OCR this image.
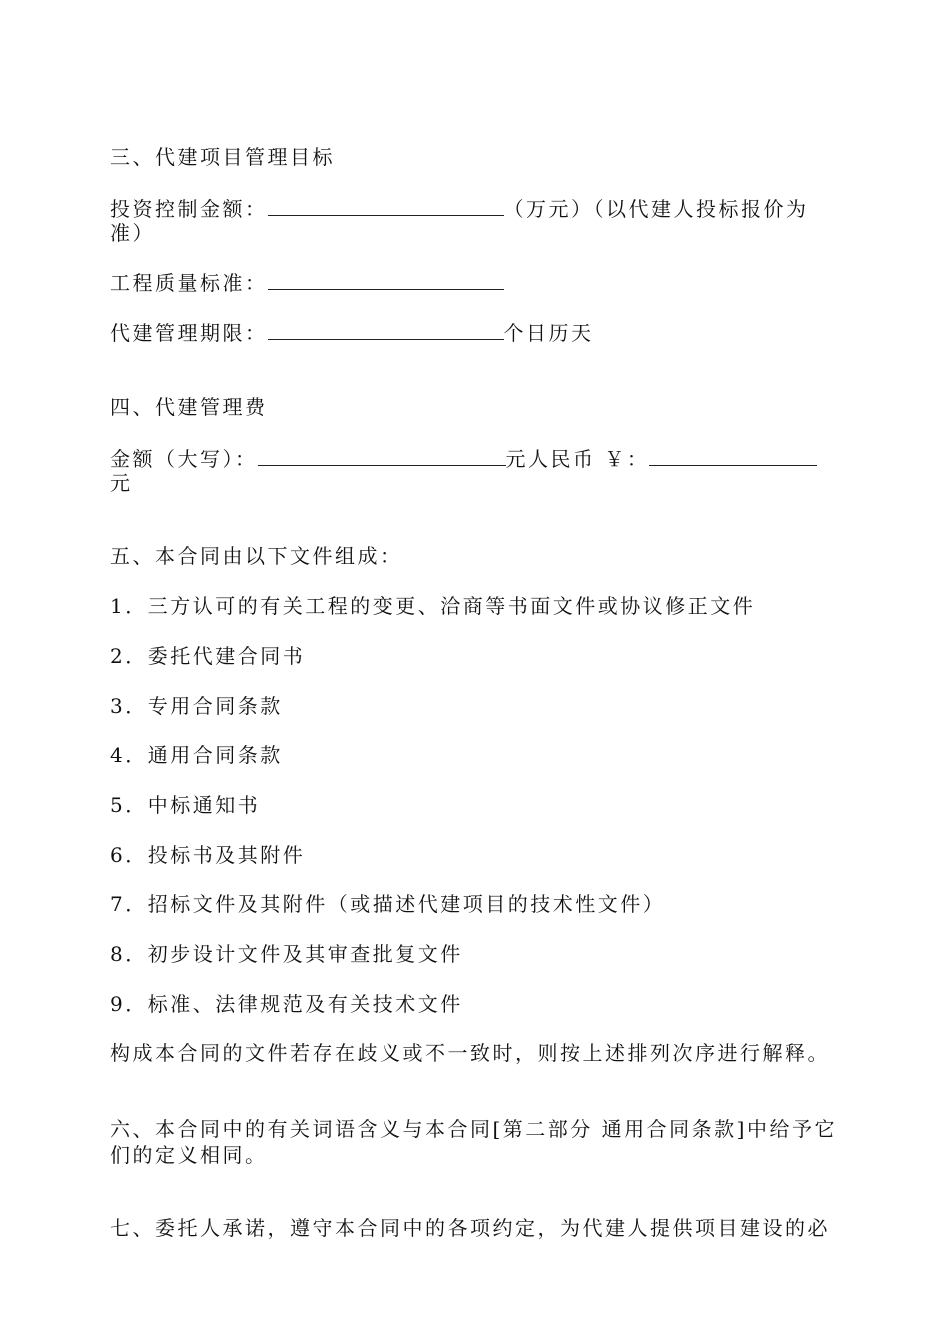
三、代建项目管理目标
投资控制金额：	（万元）（以代建人投标报价为
准）
工程质量标准：
代建管理期限：	个日历天
四、代建管理费
金额（大写）：	元人民币 ￥：
元
五、本合同由以下文件组成：
1．三方认可的有关工程的变更、洽商等书面文件或协议修正文件
2．委托代建合同书
3．专用合同条款
4．通用合同条款
5．中标通知书
6．投标书及其附件
7．招标文件及其附件（或描述代建项目的技术性文件）
8．初步设计文件及其审查批复文件
9．标准、法律规范及有关技术文件
构成本合同的文件若存在歧义或不一致时，则按上述排列次序进行解释。
六、本合同中的有关词语含义与本合同[第二部分 通用合同条款]中给予它
们的定义相同。
七、委托人承诺，遵守本合同中的各项约定，为代建人提供项目建设的必
